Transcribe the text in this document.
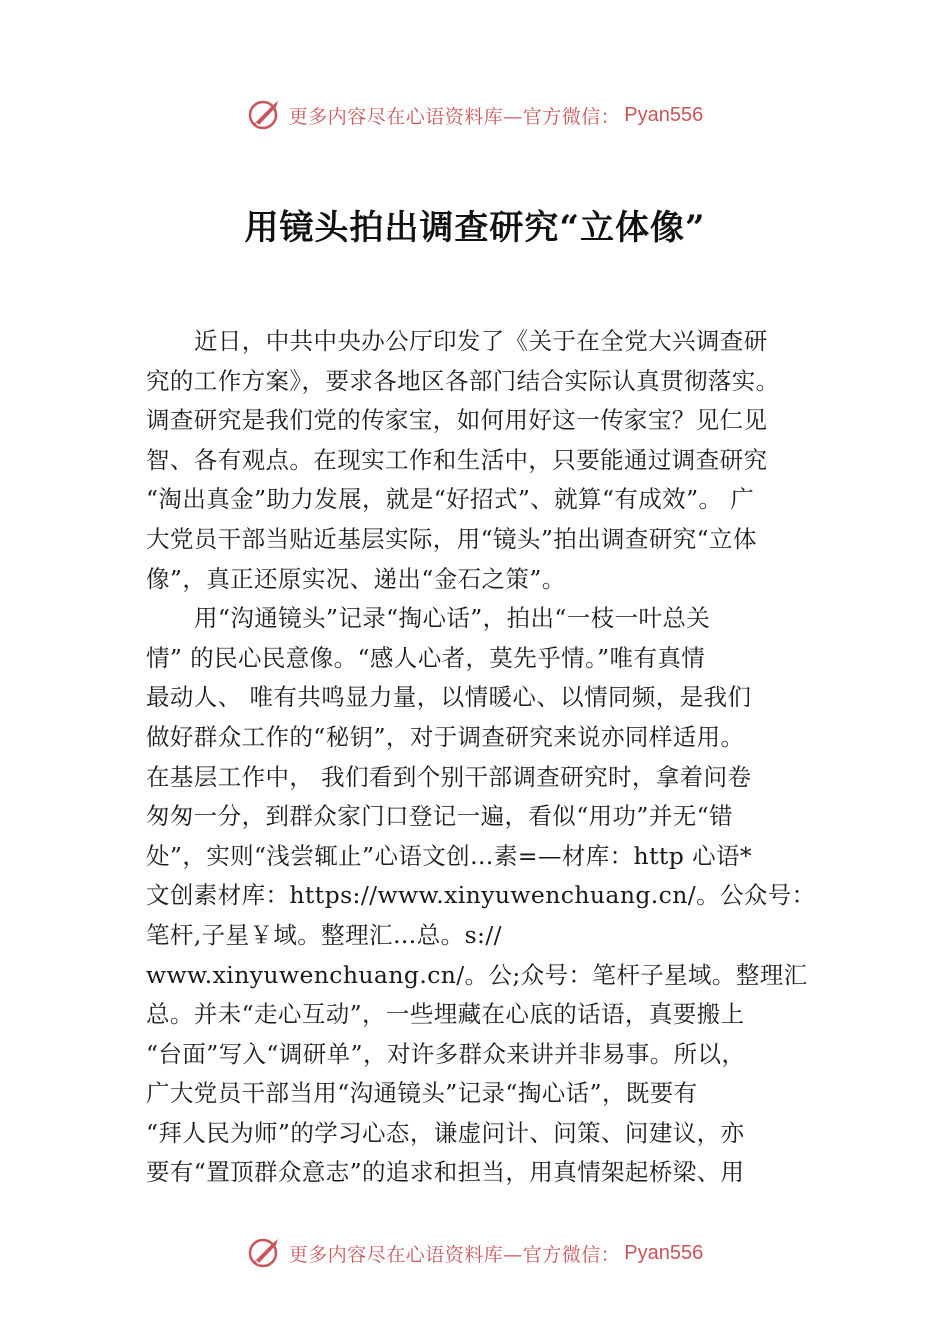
更多内容尽在心语资料库—官方微信： Pyan556
用镜头拍出调查研究“立体像”
近日，中共中央办公厅印发了《关于在全党大兴调查研
究的工作方案》，要求各地区各部门结合实际认真贯彻落实。
调查研究是我们党的传家宝，如何用好这一传家宝？见仁见
智、各有观点。在现实工作和生活中，只要能通过调查研究
“淘出真金”助力发展，就是“好招式”、就算“有成效”。 广
大党员干部当贴近基层实际，用“镜头”拍出调查研究“立体
像”，真正还原实况、递出“金石之策”。
用“沟通镜头”记录“掏心话”，拍出“一枝一叶总关
情” 的民心民意像。“感人心者，莫先乎情。”唯有真情
最动人、 唯有共鸣显力量，以情暖心、以情同频，是我们
做好群众工作的“秘钥”，对于调查研究来说亦同样适用。
在基层工作中， 我们看到个别干部调查研究时，拿着问卷
匆匆一分，到群众家门口登记一遍，看似“用功”并无“错
处”，实则“浅尝辄止”心语文创…素=—材库：http 心语*
文创素材库：https://www.xinyuwenchuang.cn/。公众号：
笔杆,子星￥域。整理汇…总。s://
www.xinyuwenchuang.cn/。公;众号：笔杆子星域。整理汇
总。并未“走心互动”，一些埋藏在心底的话语，真要搬上
“台面”写入“调研单”，对许多群众来讲并非易事。所以，
广大党员干部当用“沟通镜头”记录“掏心话”，既要有
“拜人民为师”的学习心态，谦虚问计、问策、问建议，亦
要有“置顶群众意志”的追求和担当，用真情架起桥梁、用
更多内容尽在心语资料库—官方微信： Pyan556
